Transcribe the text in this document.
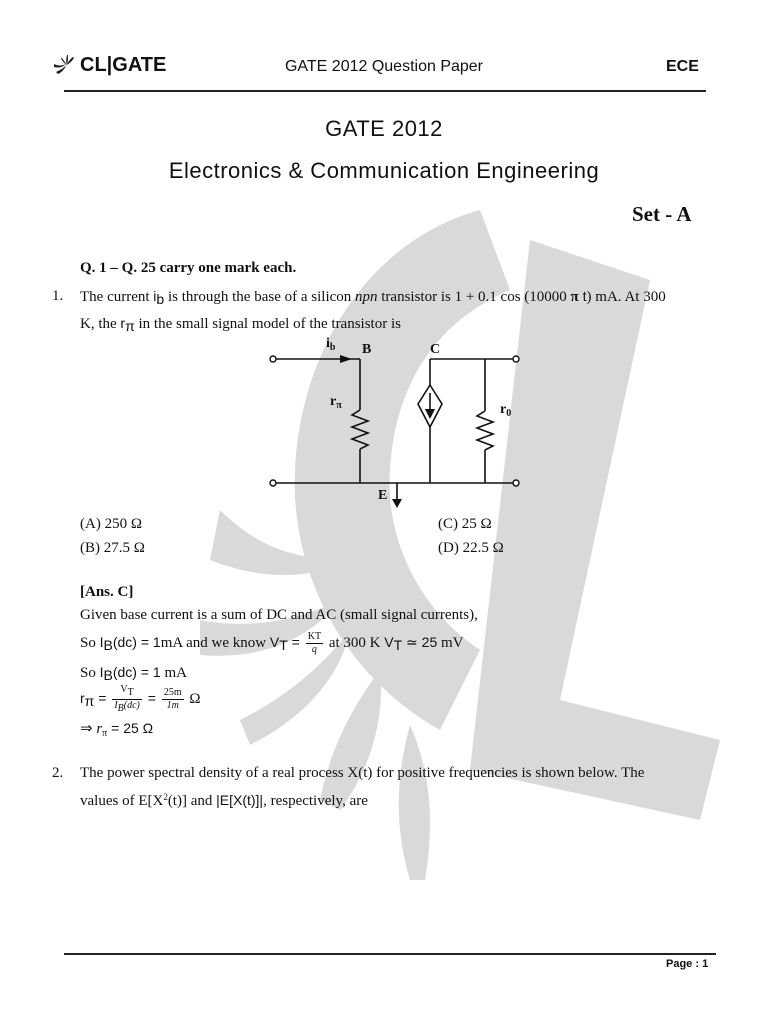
CL|GATE	GATE 2012 Question Paper	ECE
GATE 2012
Electronics & Communication Engineering
Set - A
Q. 1 – Q. 25 carry one mark each.
1. The current ib is through the base of a silicon npn transistor is 1 + 0.1 cos (10000 π t) mA. At 300
K, the rπ in the small signal model of the transistor is
$i_b$ B	C
$r_\pi$	$r_0$
E
(A) 250 Ω	(C) 25 Ω
(B) 27.5 Ω	(D) 22.5 Ω
[Ans. C]
Given base current is a sum of DC and AC (small signal currents),
So IB(dc) = 1mA and we know VT = $\frac{KT}{q}$ at 300 K VT ≃ 25 mV
So IB(dc) = 1 mA
$r\pi = \frac{VT}{IB(dc)} = \frac{25m}{1m}$ Ω
⇒ $r_\pi = 25$ Ω
2. The power spectral density of a real process X(t) for positive frequencies is shown below. The
values of $E[X^2(t)]$ and |E[X(t)]|, respectively, are
Page : 1
